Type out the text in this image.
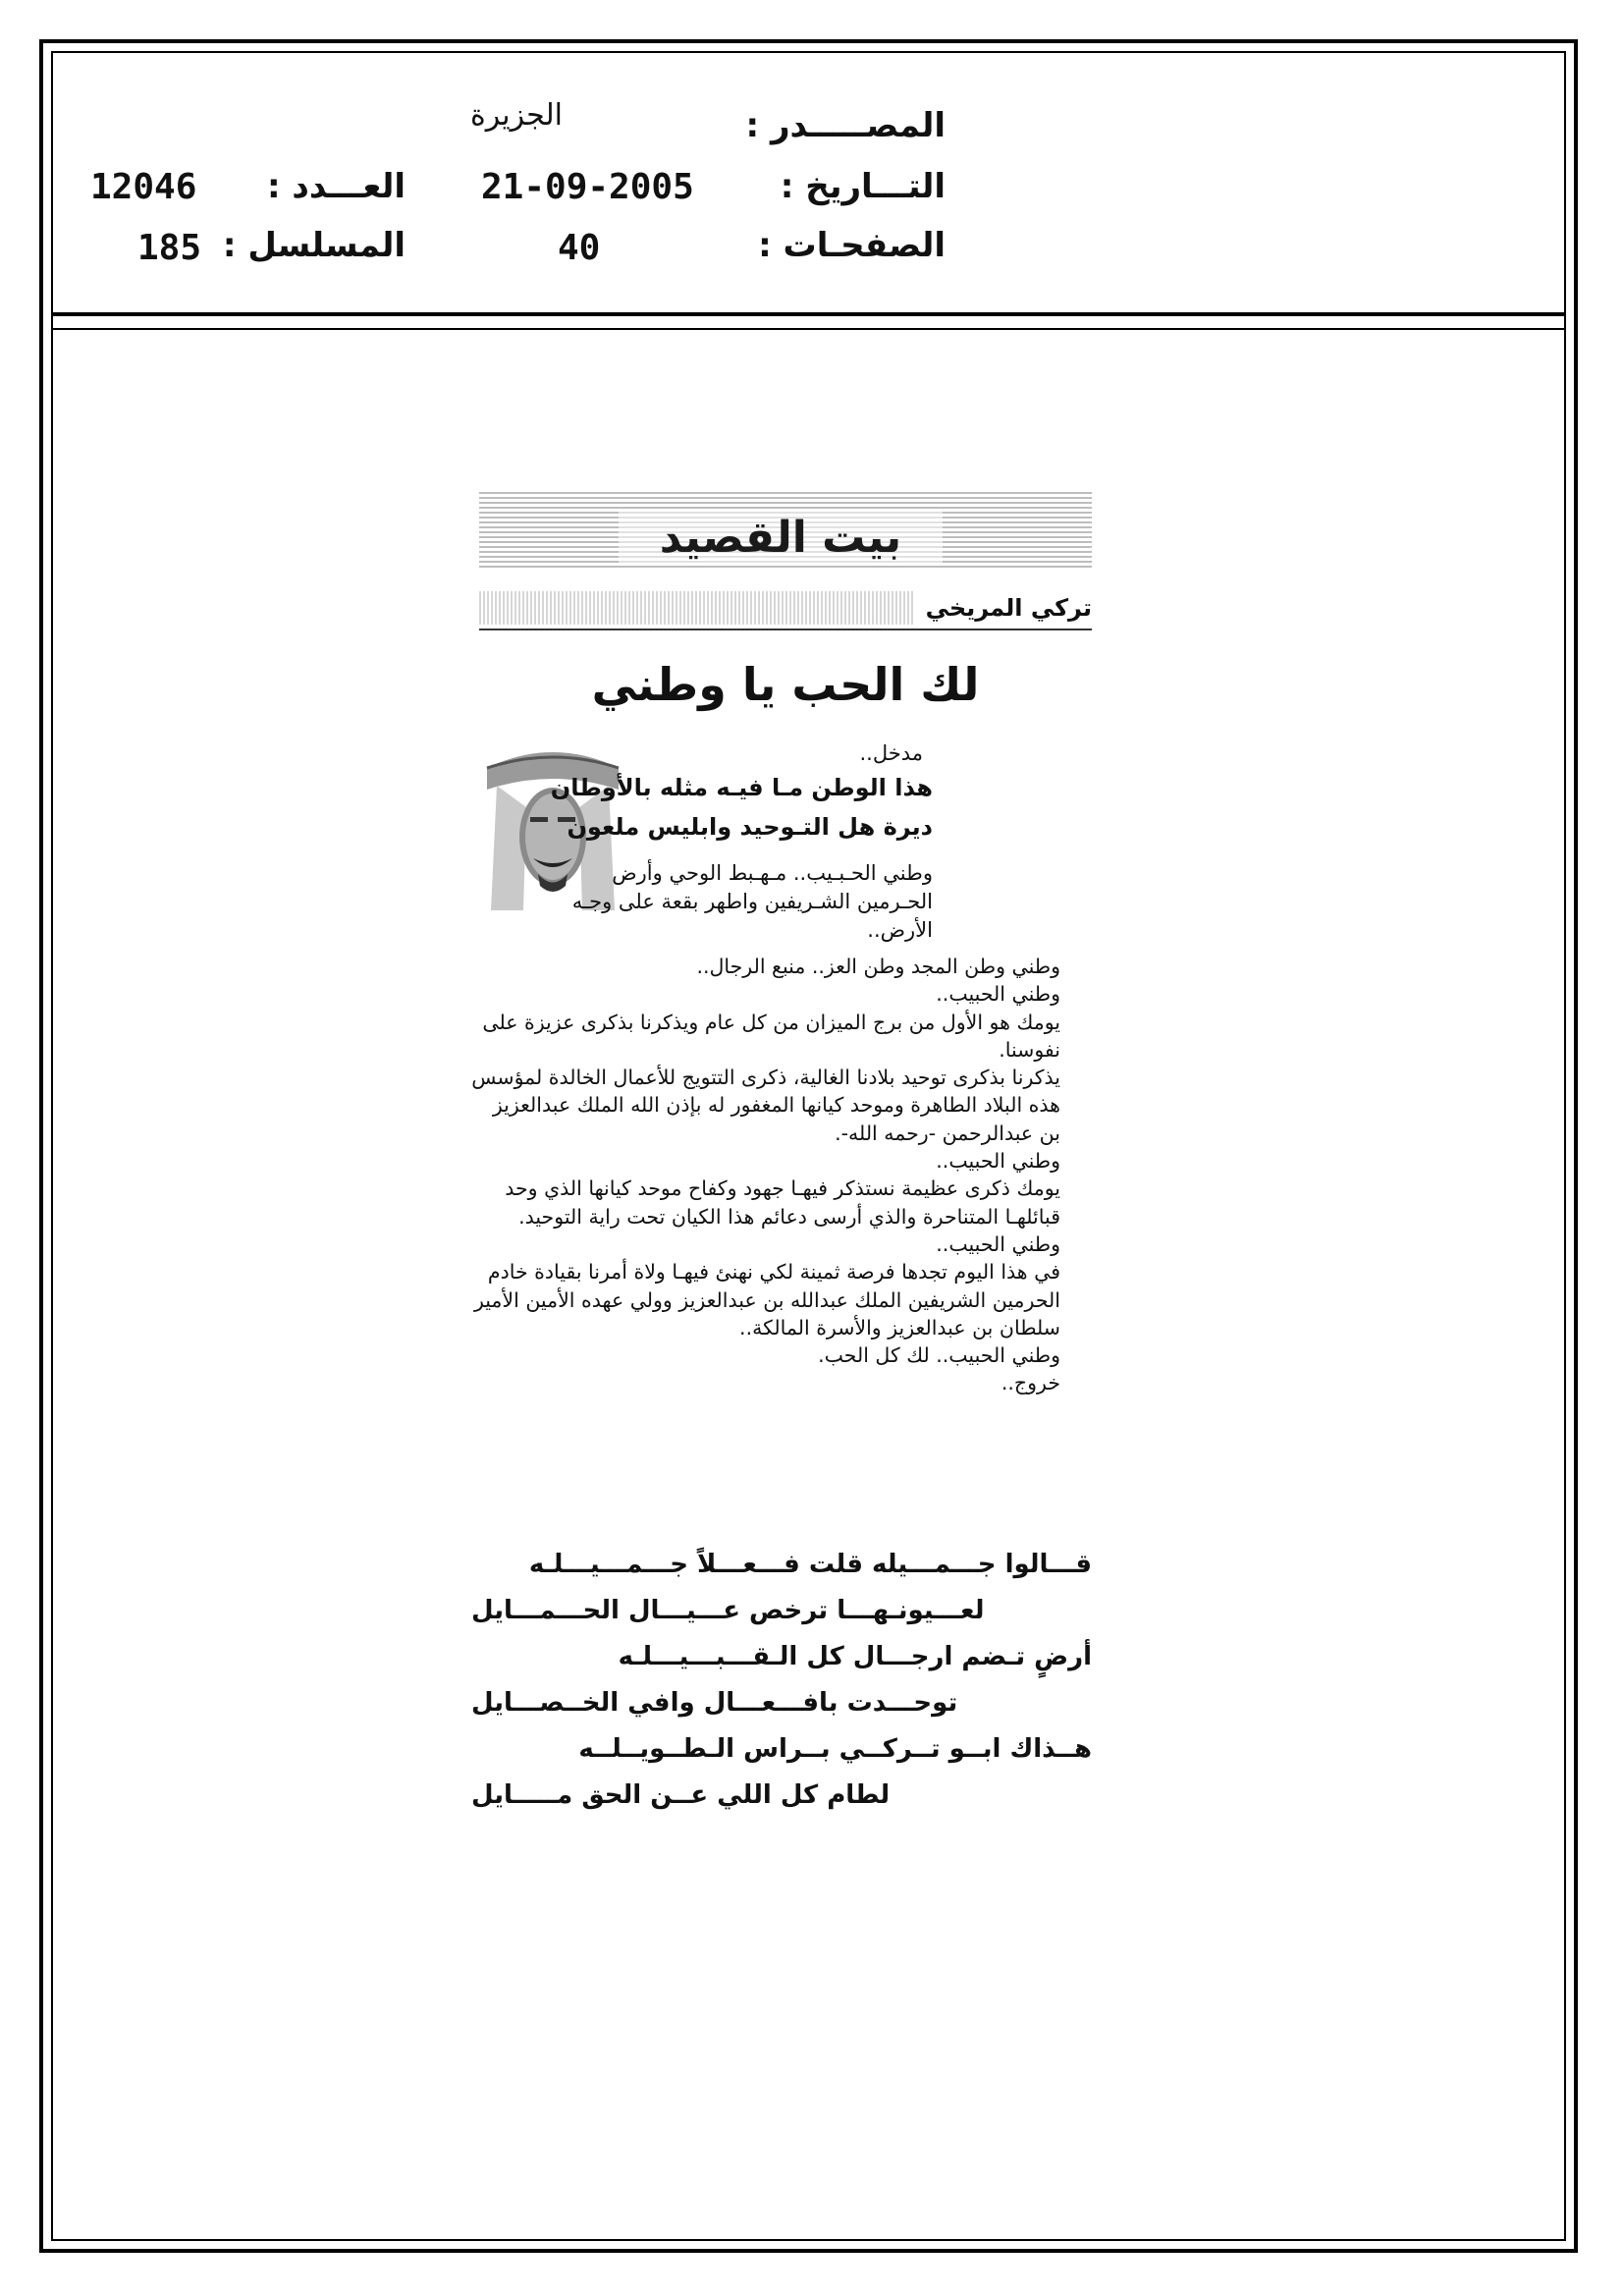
المصـــــدر :
الجزيرة
التـــاريخ :
21-09-2005
العـــدد :
12046
الصفحـات :
40
المسلسل :
185
بيت القصيد
تركي المريخي
لك الحب يا وطني
مدخل..
هذا الوطن مـا فيـه مثله بالأوطان
ديرة هل التـوحيد وابليس ملعون
وطني الحـبـيب.. مـهـبط الوحي وأرض
الحـرمين الشـريفين واطهر بقعة على وجـه
الأرض..

وطني وطن المجد وطن العز.. منبع الرجال..

وطني الحبيب..

يومك هو الأول من برج الميزان من كل عام ويذكرنا بذكرى عزيزة على نفوسنا.

يذكرنا بذكرى توحيد بلادنا الغالية، ذكرى التتويج للأعمال الخالدة لمؤسس هذه البلاد الطاهرة وموحد كيانها المغفور له بإذن الله الملك عبدالعزيز بن عبدالرحمن -رحمه الله-.

وطني الحبيب..

يومك ذكرى عظيمة نستذكر فيهـا جهود وكفاح موحد كيانها الذي وحد قبائلهـا المتناحرة والذي أرسى دعائم هذا الكيان تحت راية التوحيد.

وطني الحبيب..

في هذا اليوم تجدها فرصة ثمينة لكي نهنئ فيهـا ولاة أمرنا بقيادة خادم الحرمين الشريفين الملك عبدالله بن عبدالعزيز وولي عهده الأمين الأمير سلطان بن عبدالعزيز والأسرة المالكة..

وطني الحبيب.. لك كل الحب.

خروج..

قـــالوا جـــمـــيله قلت فـــعـــلاً جـــمـــيـــلـه
لعـــيونـهـــا ترخص عـــيـــال الحـــمـــايل
أرضٍ تـضم ارجـــال كل الـقـــبـــيـــلـه
توحـــدت بافـــعـــال وافي الخــصـــايل
هــذاك ابــو تــركــي بــراس الـطــويــلــه
لطام كل اللي عــن الحق مـــــايل
